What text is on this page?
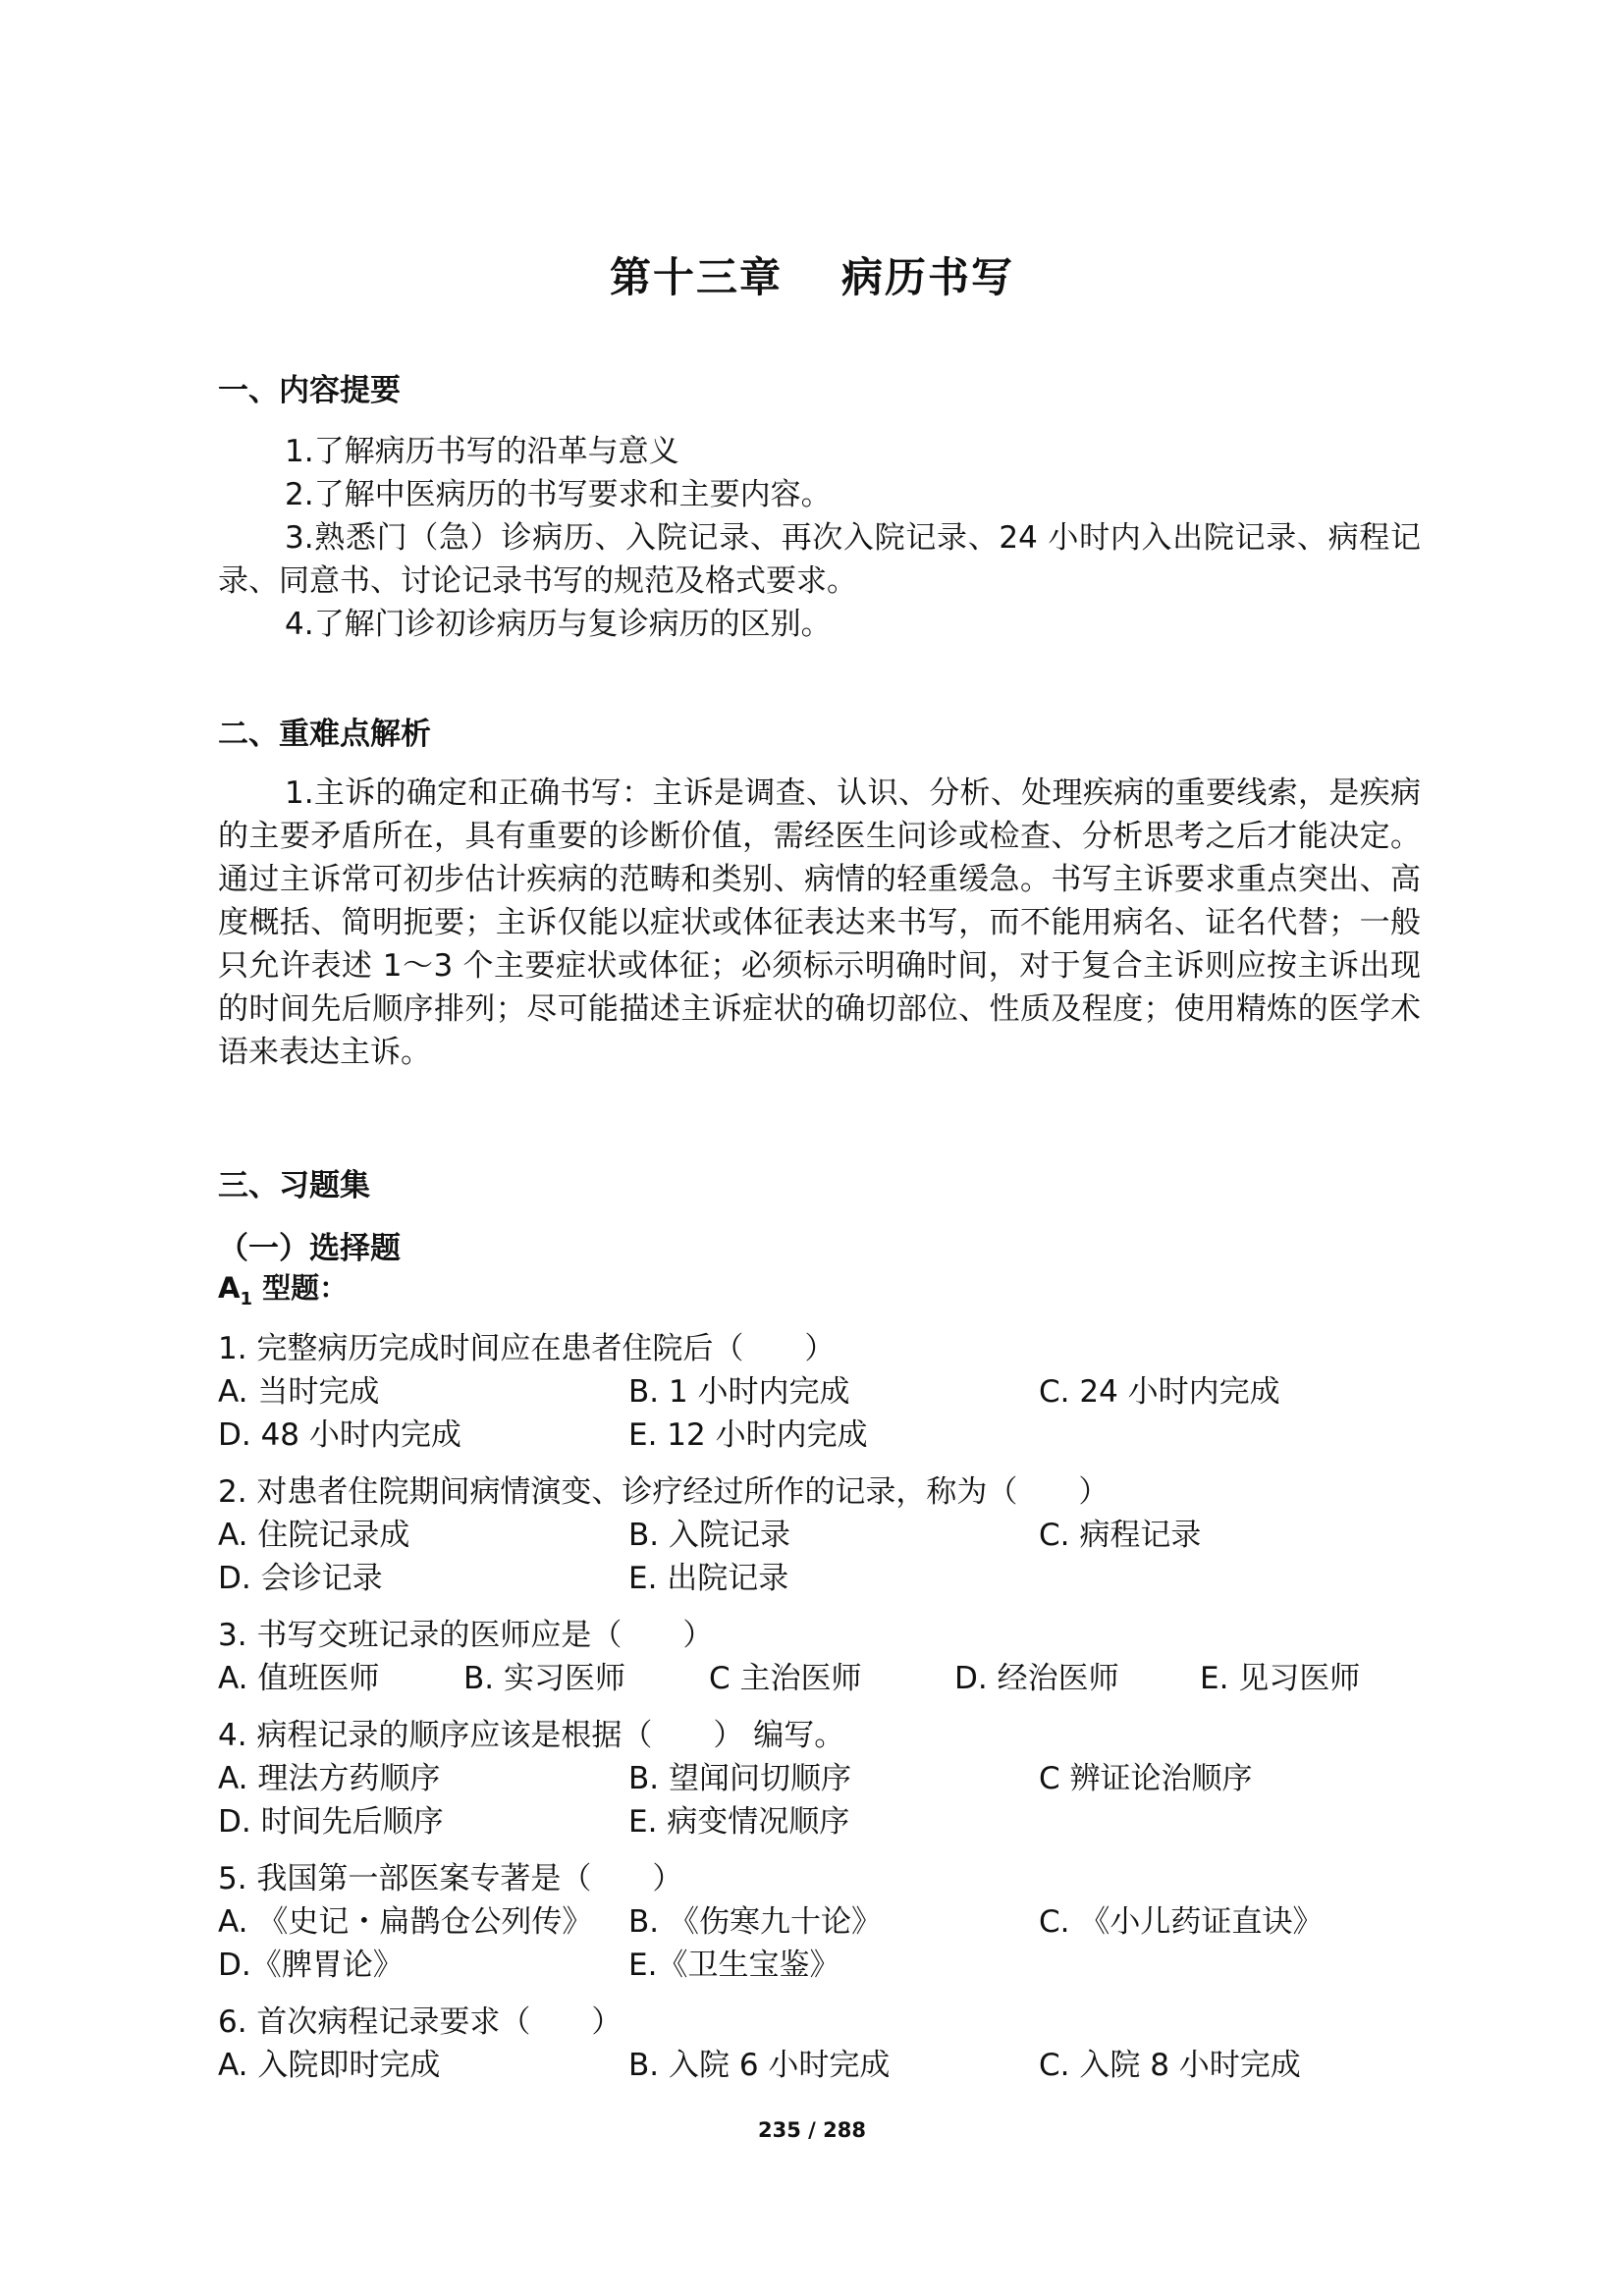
第十三章 病历书写
一、内容提要
1.了解病历书写的沿革与意义
2.了解中医病历的书写要求和主要内容。
3.熟悉门（急）诊病历、入院记录、再次入院记录、24 小时内入出院记录、病程记录、同意书、讨论记录书写的规范及格式要求。
4.了解门诊初诊病历与复诊病历的区别。
二、重难点解析
1.主诉的确定和正确书写：主诉是调查、认识、分析、处理疾病的重要线索，是疾病的主要矛盾所在，具有重要的诊断价值，需经医生问诊或检查、分析思考之后才能决定。通过主诉常可初步估计疾病的范畴和类别、病情的轻重缓急。书写主诉要求重点突出、高度概括、简明扼要；主诉仅能以症状或体征表达来书写，而不能用病名、证名代替；一般只允许表述 1～3 个主要症状或体征；必须标示明确时间，对于复合主诉则应按主诉出现的时间先后顺序排列；尽可能描述主诉症状的确切部位、性质及程度；使用精炼的医学术语来表达主诉。
三、习题集
（一）选择题
$A_1$ 型题：
1. 完整病历完成时间应在患者住院后（　　）
A. 当时完成	B. 1 小时内完成	C. 24 小时内完成
D. 48 小时内完成	E. 12 小时内完成
2. 对患者住院期间病情演变、诊疗经过所作的记录，称为（　　）
A. 住院记录成	B. 入院记录	C. 病程记录
D. 会诊记录	E. 出院记录
3. 书写交班记录的医师应是（　　）
A. 值班医师	B. 实习医师	C 主治医师	D. 经治医师	E. 见习医师
4. 病程记录的顺序应该是根据（　　） 编写。
A. 理法方药顺序	B. 望闻问切顺序	C 辨证论治顺序
D. 时间先后顺序	E. 病变情况顺序
5. 我国第一部医案专著是（　　）
A. 《史记・扁鹊仓公列传》 B. 《伤寒九十论》	C. 《小儿药证直诀》
D.《脾胃论》	E.《卫生宝鉴》
6. 首次病程记录要求（　　）
A. 入院即时完成	B. 入院 6 小时完成	C. 入院 8 小时完成
235 / 288
